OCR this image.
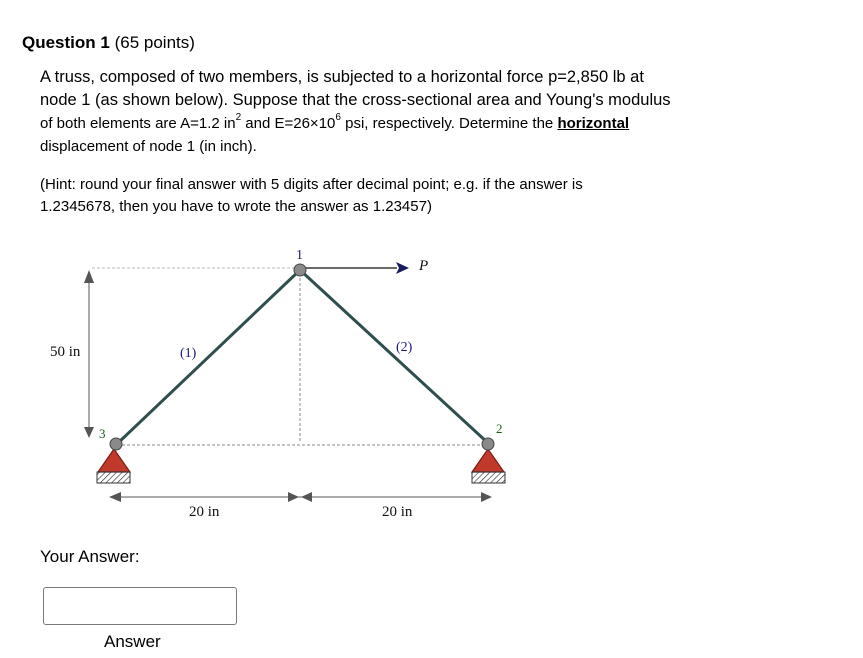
Question 1 (65 points)
A truss, composed of two members, is subjected to a horizontal force p=2,850 lb at
node 1 (as shown below). Suppose that the cross-sectional area and Young's modulus
of both elements are A=1.2 $in^2$ and $E=26\times 10^6$ psi, respectively. Determine the horizontal
displacement of node 1 (in inch).
(Hint: round your final answer with 5 digits after decimal point; e.g. if the answer is
1.2345678, then you have to wrote the answer as 1.23457)
50 in
P
(1)	(2)
1
2
3
20 in	20 in
Your Answer:
Answer
